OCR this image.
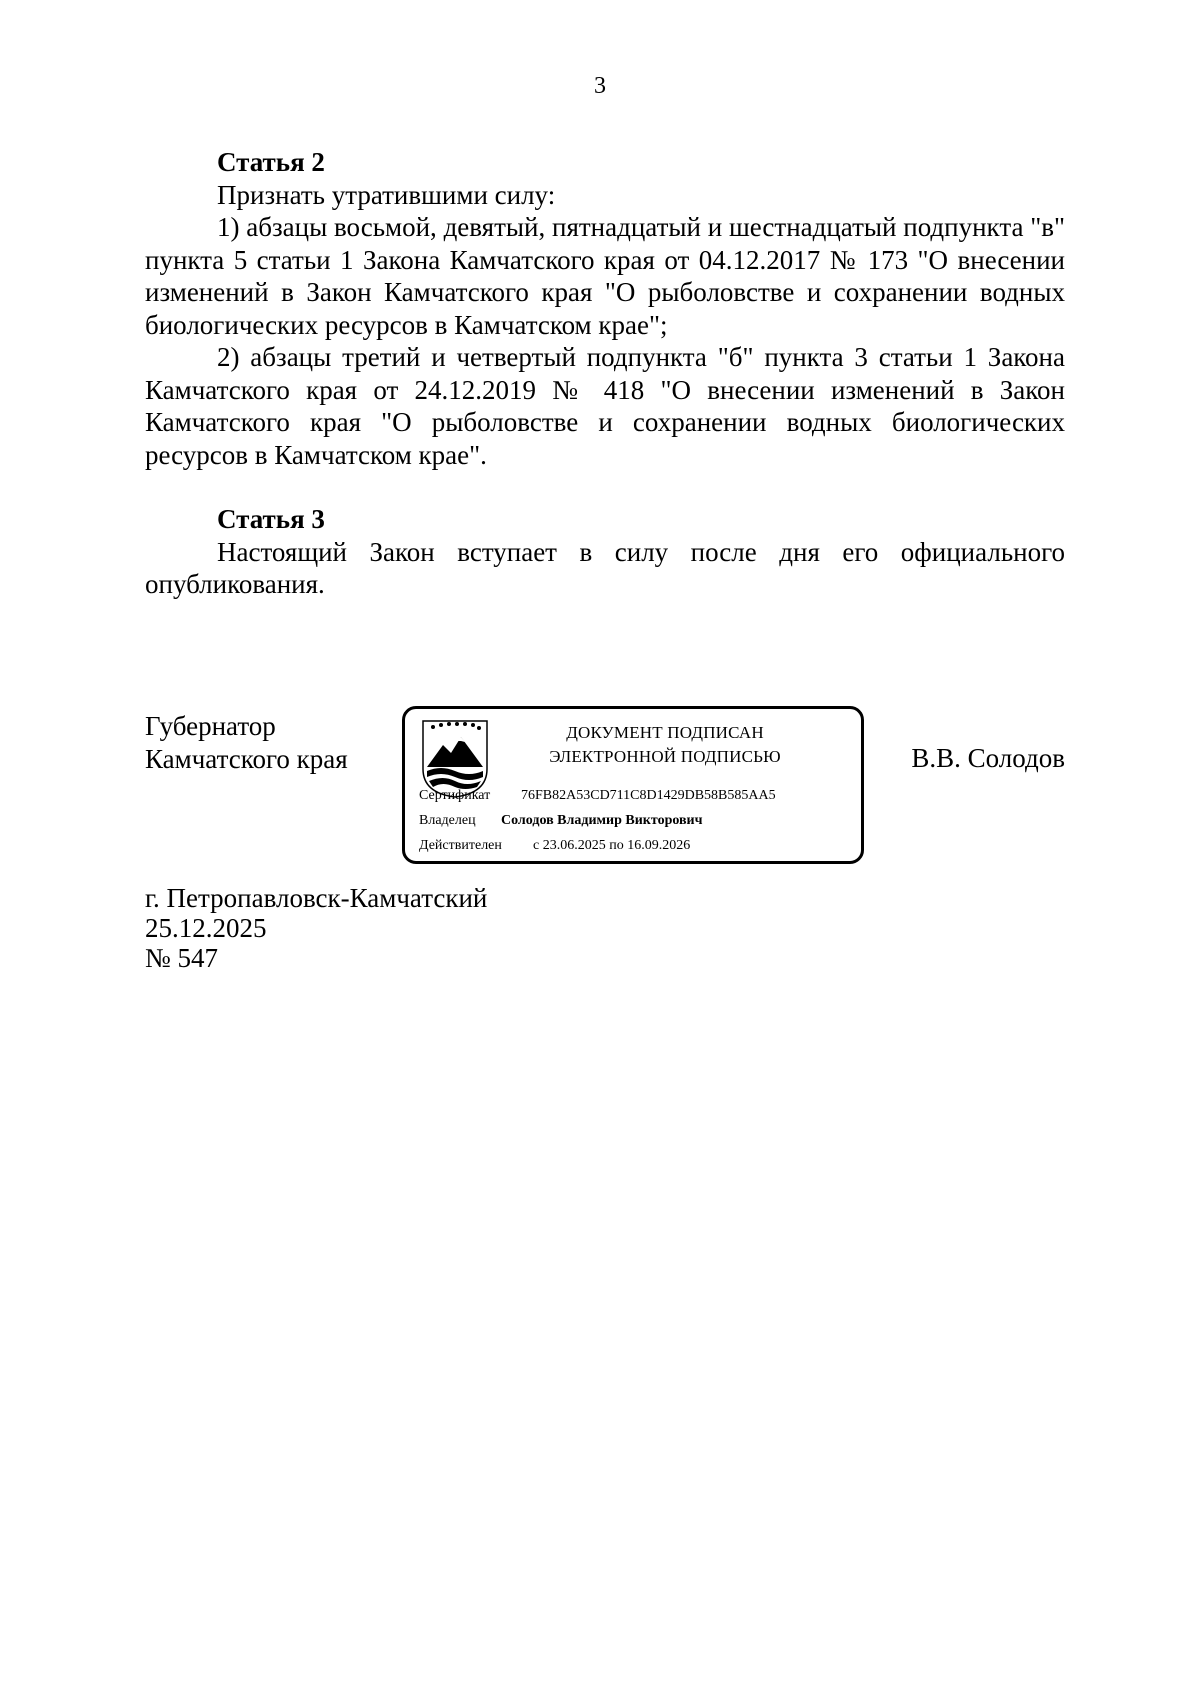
3

Статья 2

Признать утратившими силу:

1) абзацы восьмой, девятый, пятнадцатый и шестнадцатый подпункта "в" пункта 5 статьи 1 Закона Камчатского края от 04.12.2017 № 173 "О внесении изменений в Закон Камчатского края "О рыболовстве и сохранении водных биологических ресурсов в Камчатском крае";

2) абзацы третий и четвертый подпункта "б" пункта 3 статьи 1 Закона Камчатского края от 24.12.2019 № 418 "О внесении изменений в Закон Камчатского края "О рыболовстве и сохранении водных биологических ресурсов в Камчатском крае".

Статья 3

Настоящий Закон вступает в силу после дня его официального опубликования.

Губернатор
Камчатского края
ДОКУМЕНТ ПОДПИСАН
ЭЛЕКТРОННОЙ ПОДПИСЬЮ
Сертификат 76FB82A53CD711C8D1429DB58B585AA5
Владелец Солодов Владимир Викторович
Действителен с 23.06.2025 по 16.09.2026
В.В. Солодов
г. Петропавловск-Камчатский
25.12.2025
№ 547
